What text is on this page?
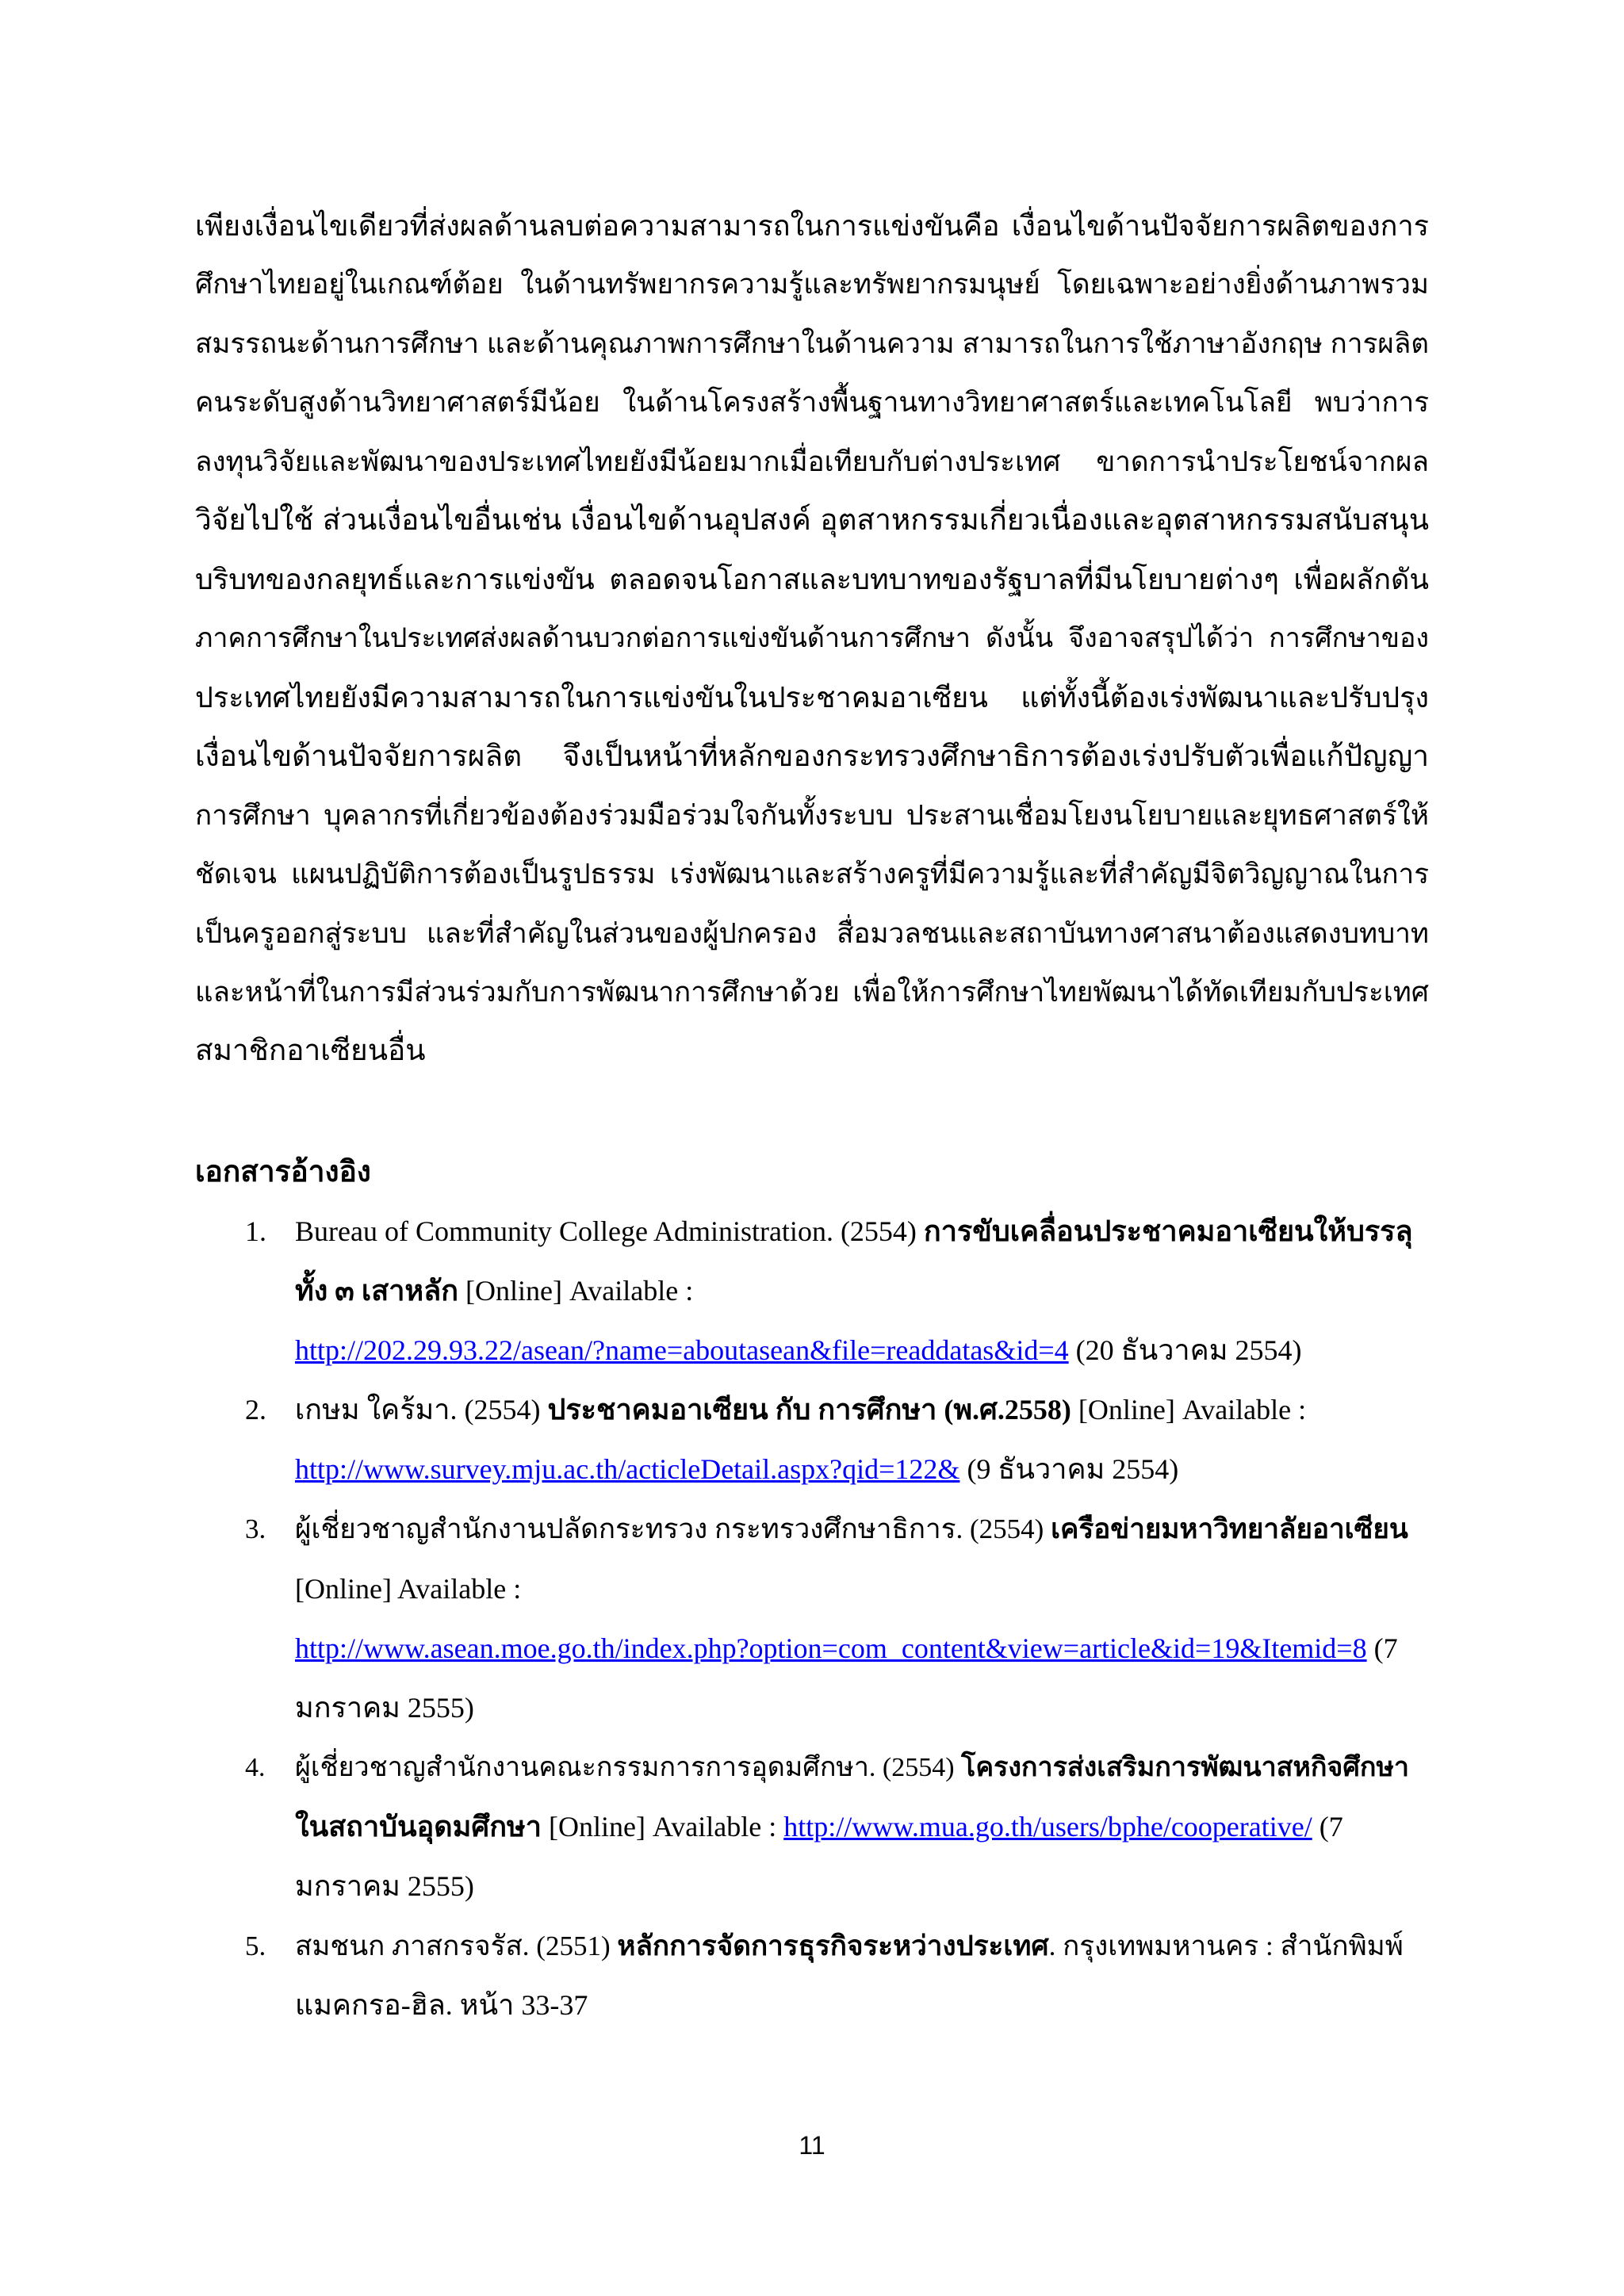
เพียงเงื่อนไขเดียวที่ส่งผลด้านลบต่อความสามารถในการแข่งขันคือ เงื่อนไขด้านปัจจัยการผลิตของการ
ศึกษาไทยอยู่ในเกณฑ์ต้อย ในด้านทรัพยากรความรู้และทรัพยากรมนุษย์ โดยเฉพาะอย่างยิ่งด้านภาพรวม
สมรรถนะด้านการศึกษา และด้านคุณภาพการศึกษาในด้านความ สามารถในการใช้ภาษาอังกฤษ การผลิต
คนระดับสูงด้านวิทยาศาสตร์มีน้อย ในด้านโครงสร้างพื้นฐานทางวิทยาศาสตร์และเทคโนโลยี พบว่าการ
ลงทุนวิจัยและพัฒนาของประเทศไทยยังมีน้อยมากเมื่อเทียบกับต่างประเทศ ขาดการนำประโยชน์จากผล
วิจัยไปใช้ ส่วนเงื่อนไขอื่นเช่น เงื่อนไขด้านอุปสงค์ อุตสาหกรรมเกี่ยวเนื่องและอุตสาหกรรมสนับสนุน
บริบทของกลยุทธ์และการแข่งขัน ตลอดจนโอกาสและบทบาทของรัฐบาลที่มีนโยบายต่างๆ เพื่อผลักดัน
ภาคการศึกษาในประเทศส่งผลด้านบวกต่อการแข่งขันด้านการศึกษา ดังนั้น จึงอาจสรุปได้ว่า การศึกษาของ
ประเทศไทยยังมีความสามารถในการแข่งขันในประชาคมอาเซียน แต่ทั้งนี้ต้องเร่งพัฒนาและปรับปรุง
เงื่อนไขด้านปัจจัยการผลิต จึงเป็นหน้าที่หลักของกระทรวงศึกษาธิการต้องเร่งปรับตัวเพื่อแก้ปัญญา
การศึกษา บุคลากรที่เกี่ยวข้องต้องร่วมมือร่วมใจกันทั้งระบบ ประสานเชื่อมโยงนโยบายและยุทธศาสตร์ให้
ชัดเจน แผนปฏิบัติการต้องเป็นรูปธรรม เร่งพัฒนาและสร้างครูที่มีความรู้และที่สำคัญมีจิตวิญญาณในการ
เป็นครูออกสู่ระบบ และที่สำคัญในส่วนของผู้ปกครอง สื่อมวลชนและสถาบันทางศาสนาต้องแสดงบทบาท
และหน้าที่ในการมีส่วนร่วมกับการพัฒนาการศึกษาด้วย เพื่อให้การศึกษาไทยพัฒนาได้ทัดเทียมกับประเทศ
สมาชิกอาเซียนอื่น
เอกสารอ้างอิง
1. Bureau of Community College Administration. (2554) การขับเคลื่อนประชาคมอาเซียนให้บรรลุ
ทั้ง ๓ เสาหลัก [Online] Available :
http://202.29.93.22/asean/?name=aboutasean&file=readdatas&id=4 (20 ธันวาคม 2554)
2. เกษม ใคร้มา. (2554) ประชาคมอาเซียน กับ การศึกษา (พ.ศ.2558) [Online] Available :
http://www.survey.mju.ac.th/acticleDetail.aspx?qid=122& (9 ธันวาคม 2554)
3. ผู้เชี่ยวชาญสำนักงานปลัดกระทรวง กระทรวงศึกษาธิการ. (2554) เครือข่ายมหาวิทยาลัยอาเซียน
[Online] Available :
http://www.asean.moe.go.th/index.php?option=com_content&view=article&id=19&Itemid=8 (7
มกราคม 2555)
4. ผู้เชี่ยวชาญสำนักงานคณะกรรมการการอุดมศึกษา. (2554) โครงการส่งเสริมการพัฒนาสหกิจศึกษา
ในสถาบันอุดมศึกษา [Online] Available : http://www.mua.go.th/users/bphe/cooperative/ (7
มกราคม 2555)
5. สมชนก ภาสกรจรัส. (2551) หลักการจัดการธุรกิจระหว่างประเทศ. กรุงเทพมหานคร : สำนักพิมพ์
แมคกรอ-ฮิล. หน้า 33-37
11
